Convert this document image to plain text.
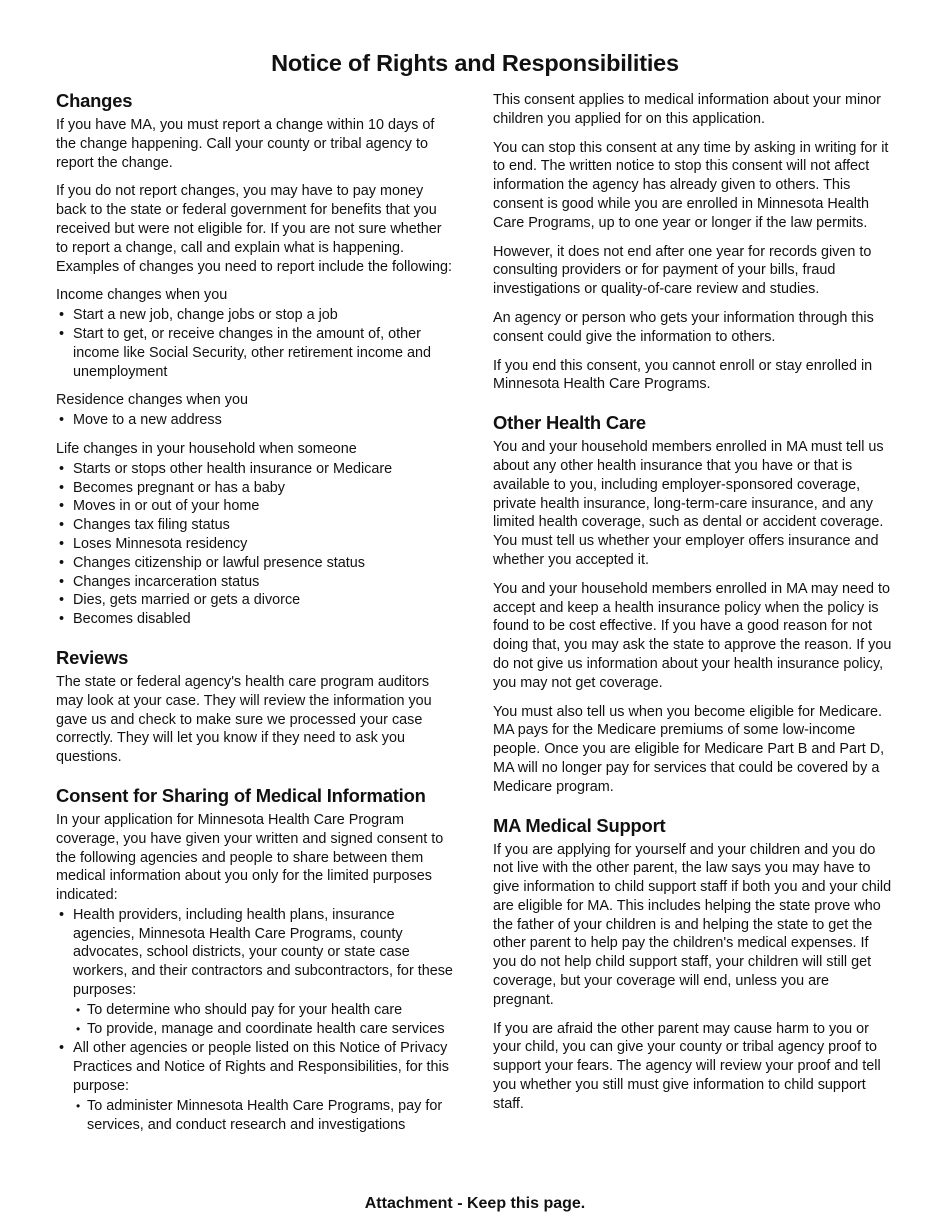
Notice of Rights and Responsibilities
Changes

If you have MA, you must report a change within 10 days of the change happening. Call your county or tribal agency to report the change.

If you do not report changes, you may have to pay money back to the state or federal government for benefits that you received but were not eligible for. If you are not sure whether to report a change, call and explain what is happening. Examples of changes you need to report include the following:

Income changes when you
• Start a new job, change jobs or stop a job
• Start to get, or receive changes in the amount of, other income like Social Security, other retirement income and unemployment
Residence changes when you
• Move to a new address
Life changes in your household when someone
• Starts or stops other health insurance or Medicare
• Becomes pregnant or has a baby
• Moves in or out of your home
• Changes tax filing status
• Loses Minnesota residency
• Changes citizenship or lawful presence status
• Changes incarceration status
• Dies, gets married or gets a divorce
• Becomes disabled
Reviews

The state or federal agency's health care program auditors may look at your case. They will review the information you gave us and check to make sure we processed your case correctly. They will let you know if they need to ask you questions.

Consent for Sharing of Medical Information

In your application for Minnesota Health Care Program coverage, you have given your written and signed consent to the following agencies and people to share between them medical information about you only for the limited purposes indicated:

• Health providers, including health plans, insurance agencies, Minnesota Health Care Programs, county advocates, school districts, your county or state case workers, and their contractors and subcontractors, for these purposes:
• To determine who should pay for your health care
• To provide, manage and coordinate health care services
• All other agencies or people listed on this Notice of Privacy Practices and Notice of Rights and Responsibilities, for this purpose:
• To administer Minnesota Health Care Programs, pay for services, and conduct research and investigations

This consent applies to medical information about your minor children you applied for on this application.

You can stop this consent at any time by asking in writing for it to end. The written notice to stop this consent will not affect information the agency has already given to others. This consent is good while you are enrolled in Minnesota Health Care Programs, up to one year or longer if the law permits.

However, it does not end after one year for records given to consulting providers or for payment of your bills, fraud investigations or quality-of-care review and studies.

An agency or person who gets your information through this consent could give the information to others.

If you end this consent, you cannot enroll or stay enrolled in Minnesota Health Care Programs.

Other Health Care

You and your household members enrolled in MA must tell us about any other health insurance that you have or that is available to you, including employer-sponsored coverage, private health insurance, long-term-care insurance, and any limited health coverage, such as dental or accident coverage. You must tell us whether your employer offers insurance and whether you accepted it.

You and your household members enrolled in MA may need to accept and keep a health insurance policy when the policy is found to be cost effective. If you have a good reason for not doing that, you may ask the state to approve the reason. If you do not give us information about your health insurance policy, you may not get coverage.

You must also tell us when you become eligible for Medicare. MA pays for the Medicare premiums of some low-income people. Once you are eligible for Medicare Part B and Part D, MA will no longer pay for services that could be covered by a Medicare program.

MA Medical Support

If you are applying for yourself and your children and you do not live with the other parent, the law says you may have to give information to child support staff if both you and your child are eligible for MA. This includes helping the state prove who the father of your children is and helping the state to get the other parent to help pay the children's medical expenses. If you do not help child support staff, your children will still get coverage, but your coverage will end, unless you are pregnant.

If you are afraid the other parent may cause harm to you or your child, you can give your county or tribal agency proof to support your fears. The agency will review your proof and tell you whether you still must give information to child support staff.

Attachment - Keep this page.
